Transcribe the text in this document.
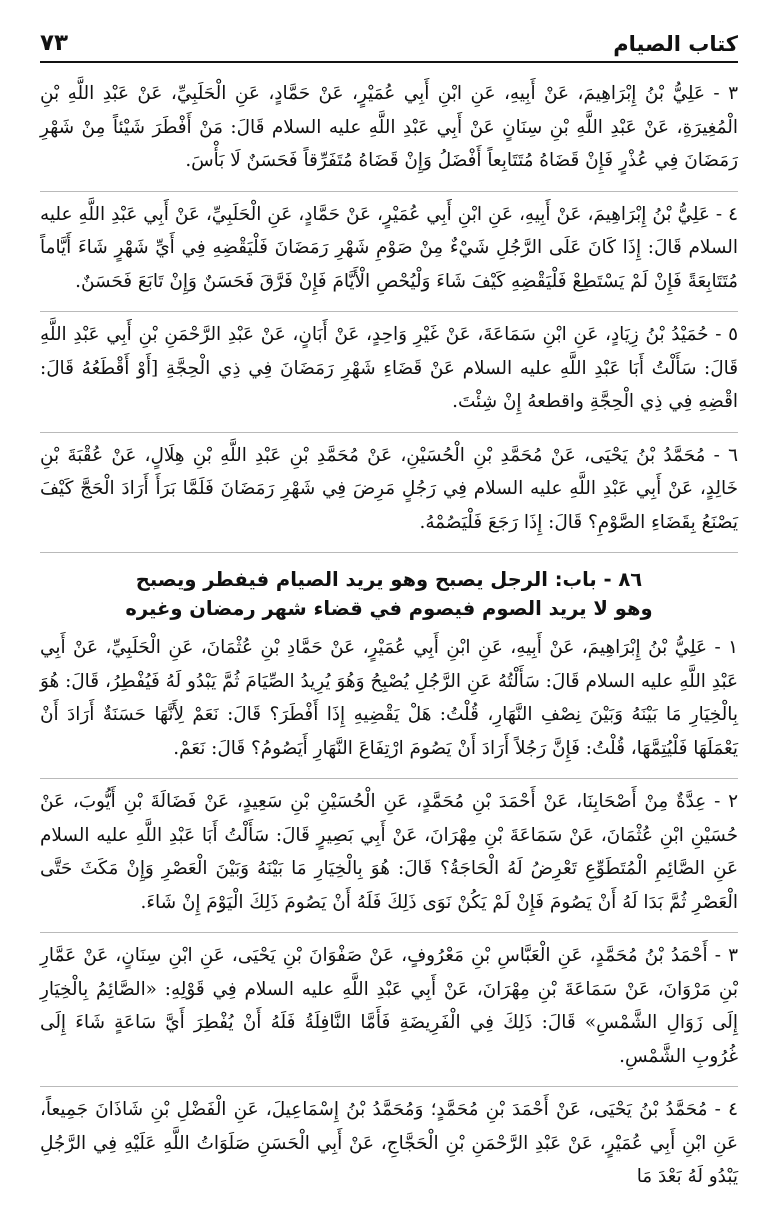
كتاب الصيام
٧٣

٣ - عَلِيُّ بْنُ إِبْرَاهِيمَ، عَنْ أَبِيهِ، عَنِ ابْنِ أَبِي عُمَيْرٍ، عَنْ حَمَّادٍ، عَنِ الْحَلَبِيِّ، عَنْ عَبْدِ اللَّهِ بْنِ الْمُغِيرَةِ، عَنْ عَبْدِ اللَّهِ بْنِ سِنَانٍ عَنْ أَبِي عَبْدِ اللَّهِ عليه السلام قَالَ: مَنْ أَفْطَرَ شَيْئاً مِنْ شَهْرِ رَمَضَانَ فِي عُذْرٍ فَإِنْ قَضَاهُ مُتَتَابِعاً أَفْضَلُ وَإِنْ قَضَاهُ مُتَفَرِّقاً فَحَسَنٌ لَا بَأْسَ.

٤ - عَلِيُّ بْنُ إِبْرَاهِيمَ، عَنْ أَبِيهِ، عَنِ ابْنِ أَبِي عُمَيْرٍ، عَنْ حَمَّادٍ، عَنِ الْحَلَبِيِّ، عَنْ أَبِي عَبْدِ اللَّهِ عليه السلام قَالَ: إِذَا كَانَ عَلَى الرَّجُلِ شَيْءٌ مِنْ صَوْمِ شَهْرِ رَمَضَانَ فَلْيَقْضِهِ فِي أَيِّ شَهْرٍ شَاءَ أَيَّاماً مُتَتَابِعَةً فَإِنْ لَمْ يَسْتَطِعْ فَلْيَقْضِهِ كَيْفَ شَاءَ وَلْيُحْصِ الْأَيَّامَ فَإِنْ فَرَّقَ فَحَسَنٌ وَإِنْ تَابَعَ فَحَسَنٌ.

٥ - حُمَيْدُ بْنُ زِيَادٍ، عَنِ ابْنِ سَمَاعَةَ، عَنْ غَيْرِ وَاحِدٍ، عَنْ أَبَانٍ، عَنْ عَبْدِ الرَّحْمَنِ بْنِ أَبِي عَبْدِ اللَّهِ قَالَ: سَأَلْتُ أَبَا عَبْدِ اللَّهِ عليه السلام عَنْ قَضَاءِ شَهْرِ رَمَضَانَ فِي ذِي الْحِجَّةِ [أَوْ أَقْطَعُهُ قَالَ: اقْضِهِ فِي ذِي الْحِجَّةِ واقطعهُ إِنْ شِئْتَ.

٦ - مُحَمَّدُ بْنُ يَحْيَى، عَنْ مُحَمَّدِ بْنِ الْحُسَيْنِ، عَنْ مُحَمَّدِ بْنِ عَبْدِ اللَّهِ بْنِ هِلَالٍ، عَنْ عُقْبَةَ بْنِ خَالِدٍ، عَنْ أَبِي عَبْدِ اللَّهِ عليه السلام فِي رَجُلٍ مَرِضَ فِي شَهْرِ رَمَضَانَ فَلَمَّا بَرَأَ أَرَادَ الْحَجَّ كَيْفَ يَصْنَعُ بِقَضَاءِ الصَّوْمِ؟ قَالَ: إِذَا رَجَعَ فَلْيَصُمْهُ.

٨٦ - باب: الرجل يصبح وهو يريد الصيام فيفطر ويصبح
وهو لا يريد الصوم فيصوم في قضاء شهر رمضان وغيره

١ - عَلِيُّ بْنُ إِبْرَاهِيمَ، عَنْ أَبِيهِ، عَنِ ابْنِ أَبِي عُمَيْرٍ، عَنْ حَمَّادِ بْنِ عُثْمَانَ، عَنِ الْحَلَبِيِّ، عَنْ أَبِي عَبْدِ اللَّهِ عليه السلام قَالَ: سَأَلْتُهُ عَنِ الرَّجُلِ يُصْبِحُ وَهُوَ يُرِيدُ الصِّيَامَ ثُمَّ يَبْدُو لَهُ فَيُفْطِرُ، قَالَ: هُوَ بِالْخِيَارِ مَا بَيْنَهُ وَبَيْنَ نِصْفِ النَّهَارِ، قُلْتُ: هَلْ يَقْضِيهِ إِذَا أَفْطَرَ؟ قَالَ: نَعَمْ لِأَنَّهَا حَسَنَةٌ أَرَادَ أَنْ يَعْمَلَهَا فَلْيُتِمَّهَا، قُلْتُ: فَإِنَّ رَجُلاً أَرَادَ أَنْ يَصُومَ ارْتِفَاعَ النَّهَارِ أَيَصُومُ؟ قَالَ: نَعَمْ.

٢ - عِدَّةٌ مِنْ أَصْحَابِنَا، عَنْ أَحْمَدَ بْنِ مُحَمَّدٍ، عَنِ الْحُسَيْنِ بْنِ سَعِيدٍ، عَنْ فَضَالَةَ بْنِ أَيُّوبَ، عَنْ حُسَيْنِ ابْنِ عُثْمَانَ، عَنْ سَمَاعَةَ بْنِ مِهْرَانَ، عَنْ أَبِي بَصِيرٍ قَالَ: سَأَلْتُ أَبَا عَبْدِ اللَّهِ عليه السلام عَنِ الصَّائِمِ الْمُتَطَوِّعِ تَعْرِضُ لَهُ الْحَاجَةُ؟ قَالَ: هُوَ بِالْخِيَارِ مَا بَيْنَهُ وَبَيْنَ الْعَصْرِ وَإِنْ مَكَثَ حَتَّى الْعَصْرِ ثُمَّ بَدَا لَهُ أَنْ يَصُومَ فَإِنْ لَمْ يَكُنْ نَوَى ذَلِكَ فَلَهُ أَنْ يَصُومَ ذَلِكَ الْيَوْمَ إِنْ شَاءَ.

٣ - أَحْمَدُ بْنُ مُحَمَّدٍ، عَنِ الْعَبَّاسِ بْنِ مَعْرُوفٍ، عَنْ صَفْوَانَ بْنِ يَحْيَى، عَنِ ابْنِ سِنَانٍ، عَنْ عَمَّارِ بْنِ مَرْوَانَ، عَنْ سَمَاعَةَ بْنِ مِهْرَانَ، عَنْ أَبِي عَبْدِ اللَّهِ عليه السلام فِي قَوْلِهِ: «الصَّائِمُ بِالْخِيَارِ إِلَى زَوَالِ الشَّمْسِ» قَالَ: ذَلِكَ فِي الْفَرِيضَةِ فَأَمَّا النَّافِلَةُ فَلَهُ أَنْ يُفْطِرَ أَيَّ سَاعَةٍ شَاءَ إِلَى غُرُوبِ الشَّمْسِ.

٤ - مُحَمَّدُ بْنُ يَحْيَى، عَنْ أَحْمَدَ بْنِ مُحَمَّدٍ؛ وَمُحَمَّدُ بْنُ إِسْمَاعِيلَ، عَنِ الْفَضْلِ بْنِ شَاذَانَ جَمِيعاً، عَنِ ابْنِ أَبِي عُمَيْرٍ، عَنْ عَبْدِ الرَّحْمَنِ بْنِ الْحَجَّاجِ، عَنْ أَبِي الْحَسَنِ صَلَوَاتُ اللَّهِ عَلَيْهِ فِي الرَّجُلِ يَبْدُو لَهُ بَعْدَ مَا
